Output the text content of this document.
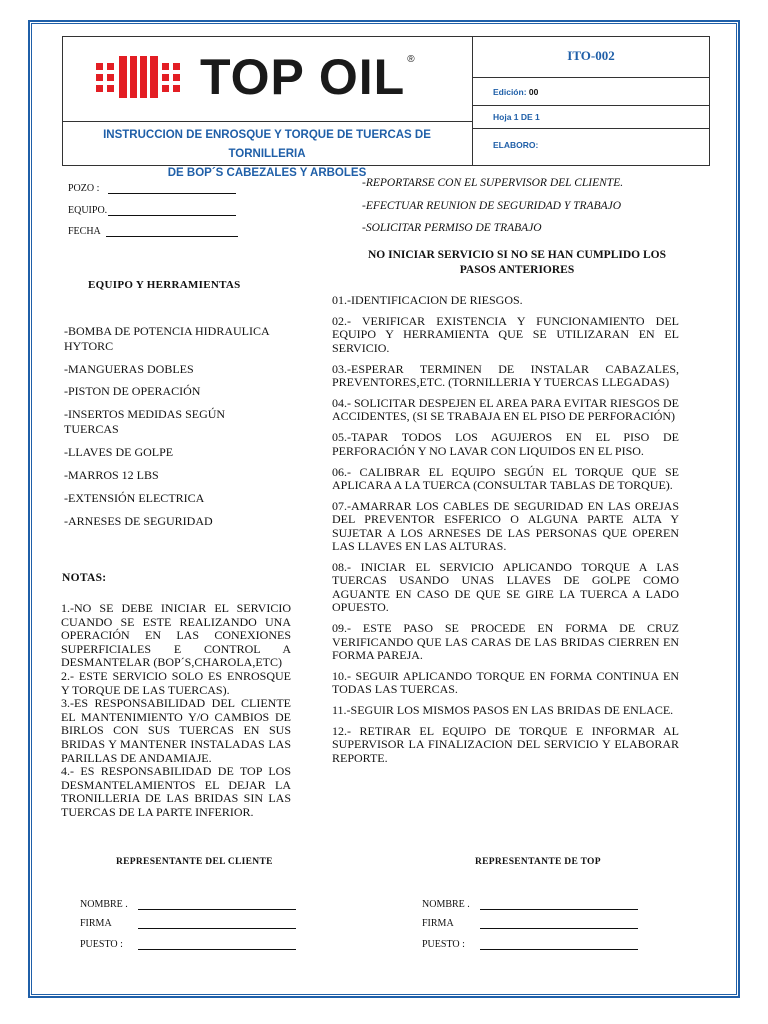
TOP OIL ®
INSTRUCCION DE ENROSQUE Y TORQUE DE TUERCAS DE TORNILLERIA
DE BOP´S CABEZALES Y ARBOLES
ITO-002
Edición: 00
Hoja 1 DE 1
ELABORO:
POZO :
EQUIPO.
FECHA
EQUIPO Y HERRAMIENTAS
-BOMBA DE POTENCIA HIDRAULICA HYTORC
-MANGUERAS DOBLES
-PISTON DE OPERACIÓN
-INSERTOS MEDIDAS SEGÚN TUERCAS
-LLAVES DE GOLPE
-MARROS 12 LBS
-EXTENSIÓN ELECTRICA
-ARNESES DE SEGURIDAD
NOTAS:

1.-NO SE DEBE INICIAR EL SERVICIO CUANDO SE ESTE REALIZANDO UNA OPERACIÓN EN LAS CONEXIONES SUPERFICIALES E CONTROL A DESMANTELAR (BOP´S,CHAROLA,ETC)

2.- ESTE SERVICIO SOLO ES ENROSQUE Y TORQUE DE LAS TUERCAS).

3.-ES RESPONSABILIDAD DEL CLIENTE EL MANTENIMIENTO Y/O CAMBIOS DE BIRLOS CON SUS TUERCAS EN SUS BRIDAS Y MANTENER INSTALADAS LAS PARILLAS DE ANDAMIAJE.

4.- ES RESPONSABILIDAD DE TOP LOS DESMANTELAMIENTOS EL DEJAR LA TRONILLERIA DE LAS BRIDAS SIN LAS TUERCAS DE LA PARTE INFERIOR.

-REPORTARSE CON EL SUPERVISOR DEL CLIENTE.
-EFECTUAR REUNION DE SEGURIDAD Y TRABAJO
-SOLICITAR PERMISO DE TRABAJO
NO INICIAR SERVICIO SI NO SE HAN CUMPLIDO LOS PASOS ANTERIORES

01.-IDENTIFICACION DE RIESGOS.

02.- VERIFICAR EXISTENCIA Y FUNCIONAMIENTO DEL EQUIPO Y HERRAMIENTA QUE SE UTILIZARAN EN EL SERVICIO.

03.-ESPERAR TERMINEN DE INSTALAR CABAZALES, PREVENTORES,ETC. (TORNILLERIA Y TUERCAS LLEGADAS)

04.- SOLICITAR DESPEJEN EL AREA PARA EVITAR RIESGOS DE ACCIDENTES, (SI SE TRABAJA EN EL PISO DE PERFORACIÓN)

05.-TAPAR TODOS LOS AGUJEROS EN EL PISO DE PERFORACIÓN Y NO LAVAR CON LIQUIDOS EN EL PISO.

06.- CALIBRAR EL EQUIPO SEGÚN EL TORQUE QUE SE APLICARA A LA TUERCA (CONSULTAR TABLAS DE TORQUE).

07.-AMARRAR LOS CABLES DE SEGURIDAD EN LAS OREJAS DEL PREVENTOR ESFERICO O ALGUNA PARTE ALTA Y SUJETAR A LOS ARNESES DE LAS PERSONAS QUE OPEREN LAS LLAVES EN LAS ALTURAS.

08.- INICIAR EL SERVICIO APLICANDO TORQUE A LAS TUERCAS USANDO UNAS LLAVES DE GOLPE COMO AGUANTE EN CASO DE QUE SE GIRE LA TUERCA A LADO OPUESTO.

09.- ESTE PASO SE PROCEDE EN FORMA DE CRUZ VERIFICANDO QUE LAS CARAS DE LAS BRIDAS CIERREN EN FORMA PAREJA.

10.- SEGUIR APLICANDO TORQUE EN FORMA CONTINUA EN TODAS LAS TUERCAS.

11.-SEGUIR LOS MISMOS PASOS EN LAS BRIDAS DE ENLACE.

12.- RETIRAR EL EQUIPO DE TORQUE E INFORMAR AL SUPERVISOR LA FINALIZACION DEL SERVICIO Y ELABORAR REPORTE.

REPRESENTANTE DEL CLIENTE	REPRESENTANTE DE TOP
NOMBRE .
FIRMA
PUESTO :
NOMBRE .
FIRMA
PUESTO :
